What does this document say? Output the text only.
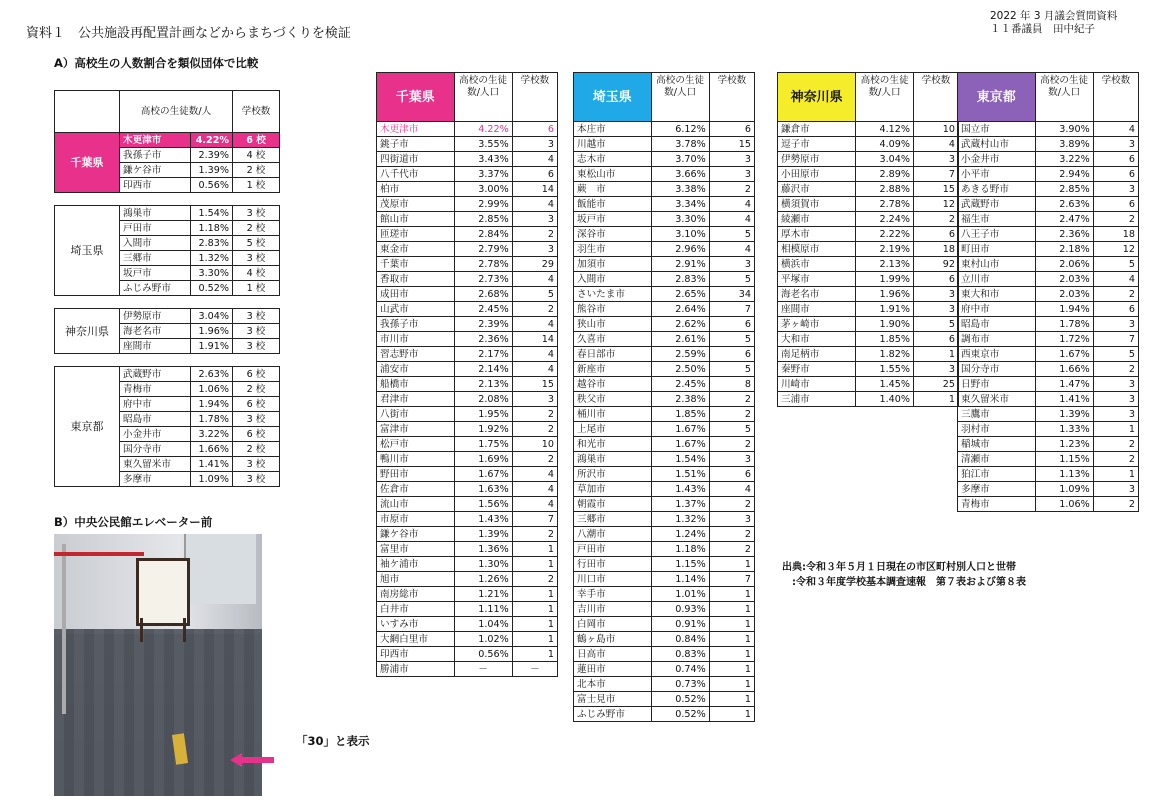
資料１　公共施設再配置計画などからまちづくりを検証
2022 年 3 月議会質問資料
１１番議員　田中紀子
A）高校生の人数割合を類似団体で比較
	高校の生徒数/人	学校数
千葉県	木更津市	4.22%	6 校
	我孫子市	2.39%	4 校
	鎌ケ谷市	1.39%	2 校
	印西市	0.56%	1 校
埼玉県	鴻巣市	1.54%	3 校
	戸田市	1.18%	2 校
	入間市	2.83%	5 校
	三郷市	1.32%	3 校
	坂戸市	3.30%	4 校
	ふじみ野市	0.52%	1 校
神奈川県	伊勢原市	3.04%	3 校
	海老名市	1.96%	3 校
	座間市	1.91%	3 校
東京都	武蔵野市	2.63%	6 校
	青梅市	1.06%	2 校
	府中市	1.94%	6 校
	昭島市	1.78%	3 校
	小金井市	3.22%	6 校
	国分寺市	1.66%	2 校
	東久留米市	1.41%	3 校
	多摩市	1.09%	3 校
B）中央公民館エレベーター前
「30」と表示
千葉県	高校の生徒数/人口	学校数
木更津市	4.22%	6
銚子市	3.55%	3
四街道市	3.43%	4
八千代市	3.37%	6
柏市	3.00%	14
茂原市	2.99%	4
館山市	2.85%	3
匝瑳市	2.84%	2
東金市	2.79%	3
千葉市	2.78%	29
香取市	2.73%	4
成田市	2.68%	5
山武市	2.45%	2
我孫子市	2.39%	4
市川市	2.36%	14
習志野市	2.17%	4
浦安市	2.14%	4
船橋市	2.13%	15
君津市	2.08%	3
八街市	1.95%	2
富津市	1.92%	2
松戸市	1.75%	10
鴨川市	1.69%	2
野田市	1.67%	4
佐倉市	1.63%	4
流山市	1.56%	4
市原市	1.43%	7
鎌ケ谷市	1.39%	2
富里市	1.36%	1
袖ケ浦市	1.30%	1
旭市	1.26%	2
南房総市	1.21%	1
白井市	1.11%	1
いすみ市	1.04%	1
大網白里市	1.02%	1
印西市	0.56%	1
勝浦市	－	－
埼玉県	高校の生徒数/人口	学校数
本庄市	6.12%	6
川越市	3.78%	15
志木市	3.70%	3
東松山市	3.66%	3
蕨　市	3.38%	2
飯能市	3.34%	4
坂戸市	3.30%	4
深谷市	3.10%	5
羽生市	2.96%	4
加須市	2.91%	3
入間市	2.83%	5
さいたま市	2.65%	34
熊谷市	2.64%	7
狭山市	2.62%	6
久喜市	2.61%	5
春日部市	2.59%	6
新座市	2.50%	5
越谷市	2.45%	8
秩父市	2.38%	2
桶川市	1.85%	2
上尾市	1.67%	5
和光市	1.67%	2
鴻巣市	1.54%	3
所沢市	1.51%	6
草加市	1.43%	4
朝霞市	1.37%	2
三郷市	1.32%	3
八潮市	1.24%	2
戸田市	1.18%	2
行田市	1.15%	1
川口市	1.14%	7
幸手市	1.01%	1
吉川市	0.93%	1
白岡市	0.91%	1
鶴ヶ島市	0.84%	1
日高市	0.83%	1
蓮田市	0.74%	1
北本市	0.73%	1
富士見市	0.52%	1
ふじみ野市	0.52%	1
神奈川県	高校の生徒数/人口	学校数
鎌倉市	4.12%	10
逗子市	4.09%	4
伊勢原市	3.04%	3
小田原市	2.89%	7
藤沢市	2.88%	15
横須賀市	2.78%	12
綾瀬市	2.24%	2
厚木市	2.22%	6
相模原市	2.19%	18
横浜市	2.13%	92
平塚市	1.99%	6
海老名市	1.96%	3
座間市	1.91%	3
茅ヶ崎市	1.90%	5
大和市	1.85%	6
南足柄市	1.82%	1
秦野市	1.55%	3
川崎市	1.45%	25
三浦市	1.40%	1
東京都	高校の生徒数/人口	学校数
国立市	3.90%	4
武蔵村山市	3.89%	3
小金井市	3.22%	6
小平市	2.94%	6
あきる野市	2.85%	3
武蔵野市	2.63%	6
福生市	2.47%	2
八王子市	2.36%	18
町田市	2.18%	12
東村山市	2.06%	5
立川市	2.03%	4
東大和市	2.03%	2
府中市	1.94%	6
昭島市	1.78%	3
調布市	1.72%	7
西東京市	1.67%	5
国分寺市	1.66%	2
日野市	1.47%	3
東久留米市	1.41%	3
三鷹市	1.39%	3
羽村市	1.33%	1
稲城市	1.23%	2
清瀬市	1.15%	2
狛江市	1.13%	1
多摩市	1.09%	3
青梅市	1.06%	2
出典:令和３年５月１日現在の市区町村別人口と世帯
　:令和３年度学校基本調査速報　第７表および第８表
